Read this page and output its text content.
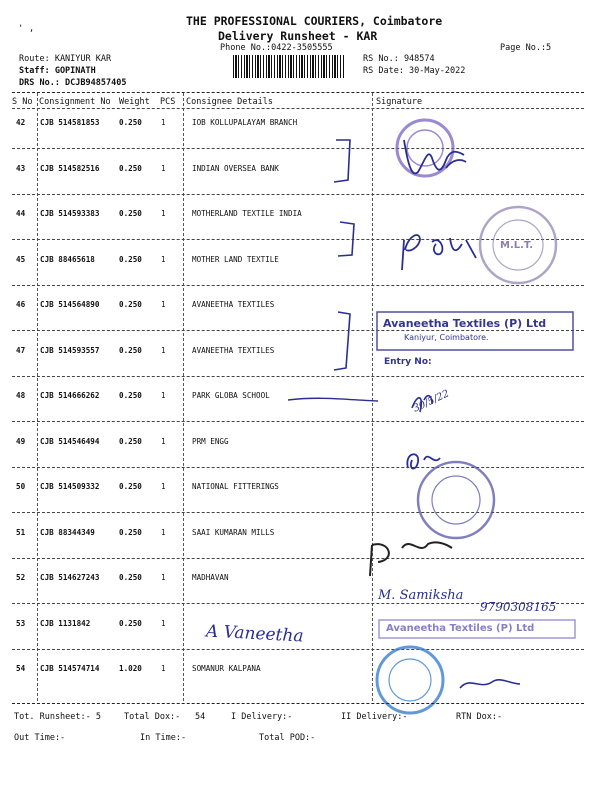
' ,
THE PROFESSIONAL COURIERS, Coimbatore
Delivery Runsheet - KAR
Phone No.:0422-3505555	Page No.:5
Route: KANIYUR KAR
Staff: GOPINATH
DRS No.: DCJB94857405
RS No.: 948574
RS Date: 30-May-2022
S No Consignment No Weight PCS Consignee Details	Signature
42 CJB 514581853	0.250	1	IOB KOLLUPALAYAM BRANCH
43 CJB 514582516	0.250	1	INDIAN OVERSEA BANK
44 CJB 514593383	0.250	1	MOTHERLAND TEXTILE INDIA
45 CJB 88465618	0.250	1	MOTHER LAND TEXTILE
46 CJB 514564890	0.250	1	AVANEETHA TEXTILES
47 CJB 514593557	0.250	1	AVANEETHA TEXTILES
48 CJB 514666262	0.250	1	PARK GLOBA SCHOOL
49 CJB 514546494	0.250	1	PRM ENGG
50 CJB 514509332	0.250	1	NATIONAL FITTERINGS
51 CJB 88344349	0.250	1	SAAI KUMARAN MILLS
52 CJB 514627243	0.250	1	MADHAVAN
53 CJB 1131842	0.250	1
54 CJB 514574714	1.020	1	SOMANUR KALPANA
Avaneetha Textiles (P) Ltd
Kaniyur, Coimbatore.
Entry No:
M.L.T.
30/5/22
M. Samiksha
9790308165
A Vaneetha	Avaneetha Textiles (P) Ltd
Tot. Runsheet:- 5	Total Dox:- 54	I Delivery:-	II Delivery:-	RTN Dox:-
Out Time:-	In Time:-	Total POD:-
